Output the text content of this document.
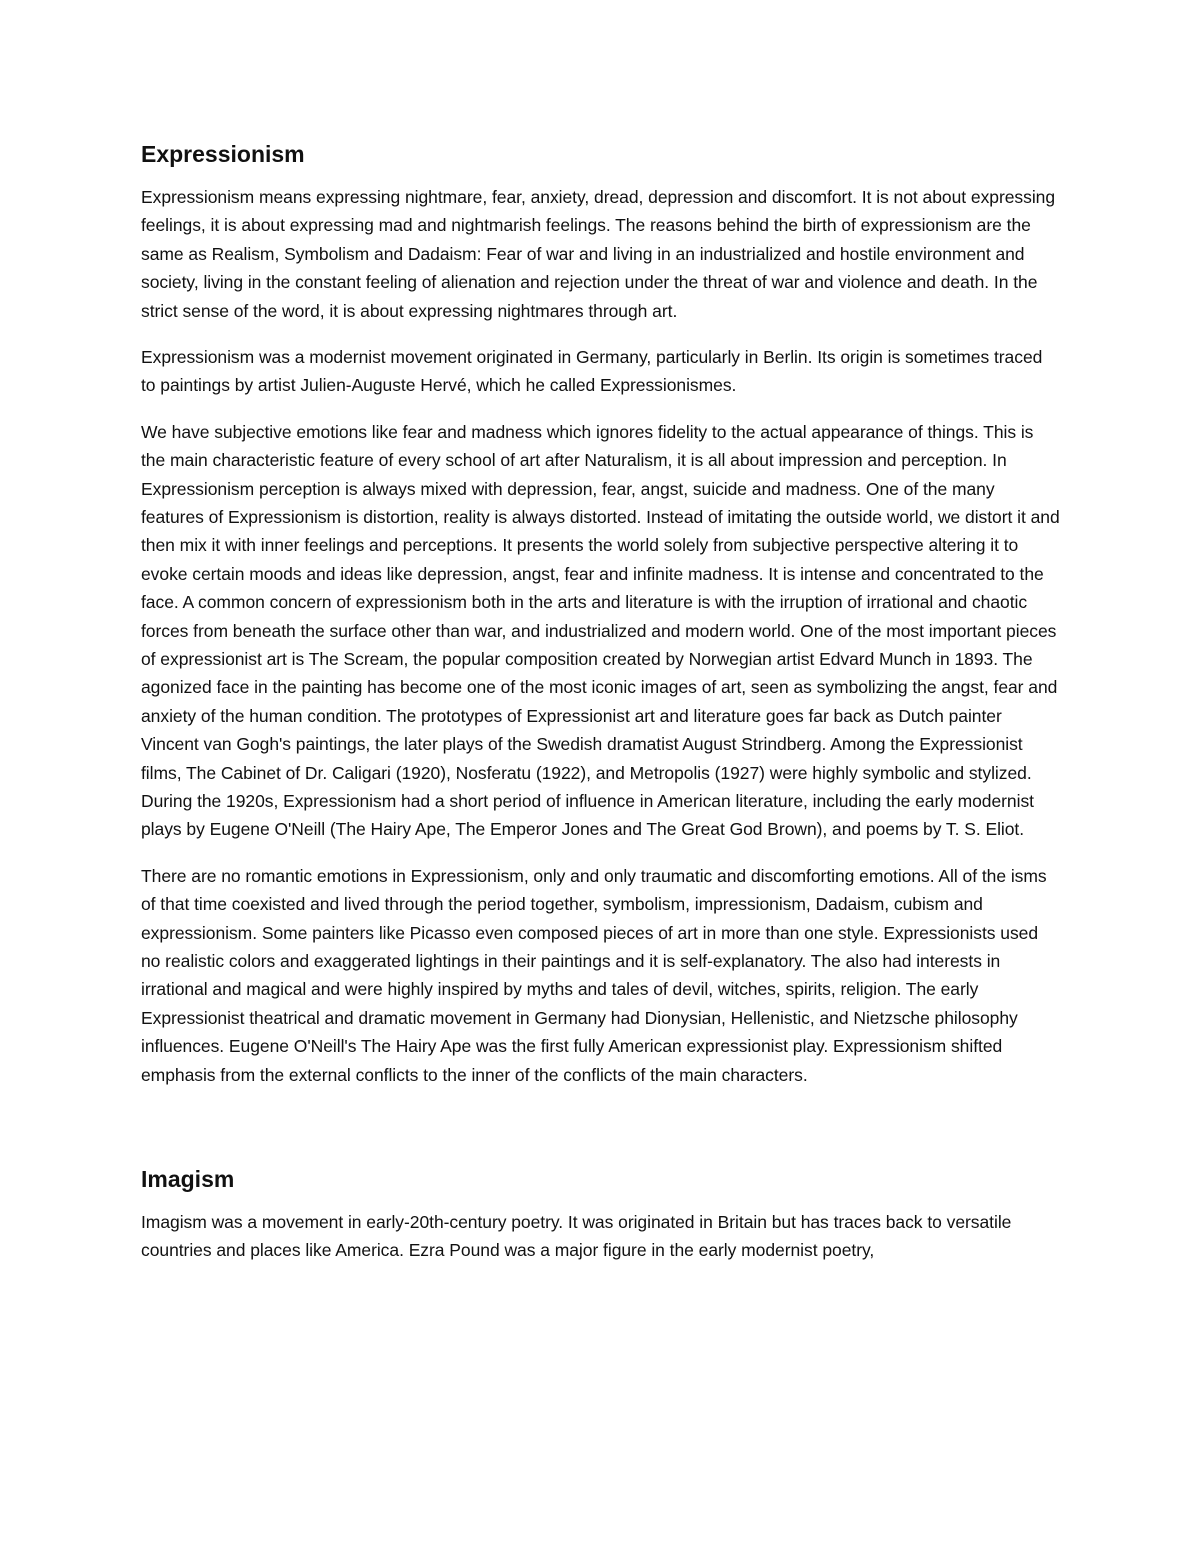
Expressionism

Expressionism means expressing nightmare, fear, anxiety, dread, depression and discomfort. It is not about expressing feelings, it is about expressing mad and nightmarish feelings. The reasons behind the birth of expressionism are the same as Realism, Symbolism and Dadaism: Fear of war and living in an industrialized and hostile environment and society, living in the constant feeling of alienation and rejection under the threat of war and violence and death. In the strict sense of the word, it is about expressing nightmares through art.

Expressionism was a modernist movement originated in Germany, particularly in Berlin. Its origin is sometimes traced to paintings by artist Julien-Auguste Hervé, which he called Expressionismes.

We have subjective emotions like fear and madness which ignores fidelity to the actual appearance of things. This is the main characteristic feature of every school of art after Naturalism, it is all about impression and perception. In Expressionism perception is always mixed with depression, fear, angst, suicide and madness. One of the many features of Expressionism is distortion, reality is always distorted. Instead of imitating the outside world, we distort it and then mix it with inner feelings and perceptions. It presents the world solely from subjective perspective altering it to evoke certain moods and ideas like depression, angst, fear and infinite madness. It is intense and concentrated to the face. A common concern of expressionism both in the arts and literature is with the irruption of irrational and chaotic forces from beneath the surface other than war, and industrialized and modern world. One of the most important pieces of expressionist art is The Scream, the popular composition created by Norwegian artist Edvard Munch in 1893. The agonized face in the painting has become one of the most iconic images of art, seen as symbolizing the angst, fear and anxiety of the human condition. The prototypes of Expressionist art and literature goes far back as Dutch painter Vincent van Gogh's paintings, the later plays of the Swedish dramatist August Strindberg. Among the Expressionist films, The Cabinet of Dr. Caligari (1920), Nosferatu (1922), and Metropolis (1927) were highly symbolic and stylized. During the 1920s, Expressionism had a short period of influence in American literature, including the early modernist plays by Eugene O'Neill (The Hairy Ape, The Emperor Jones and The Great God Brown), and poems by T. S. Eliot.

There are no romantic emotions in Expressionism, only and only traumatic and discomforting emotions. All of the isms of that time coexisted and lived through the period together, symbolism, impressionism, Dadaism, cubism and expressionism. Some painters like Picasso even composed pieces of art in more than one style. Expressionists used no realistic colors and exaggerated lightings in their paintings and it is self-explanatory. The also had interests in irrational and magical and were highly inspired by myths and tales of devil, witches, spirits, religion. The early Expressionist theatrical and dramatic movement in Germany had Dionysian, Hellenistic, and Nietzsche philosophy influences. Eugene O'Neill's The Hairy Ape was the first fully American expressionist play. Expressionism shifted emphasis from the external conflicts to the inner of the conflicts of the main characters.

Imagism

Imagism was a movement in early-20th-century poetry. It was originated in Britain but has traces back to versatile countries and places like America. Ezra Pound was a major figure in the early modernist poetry,
